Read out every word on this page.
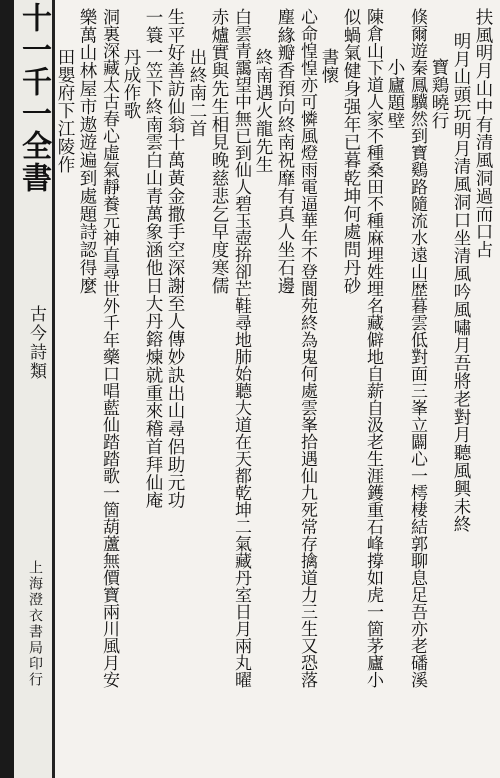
十一千一全書
古今詩類
上海澄衣書局印行
扶風明月山中有清風洞過而口占
明月山頭玩明月清風洞口坐清風吟風嘯月吾將老對月聽風興未終
寶鶏曉行
倏爾遊秦鳳驥然到寶鷄路隨流水遠山歴暮雲低對面三峯立闢心一樗棲結郭聊息足吾亦老磻溪
小廬題壁
陳倉山下道人家不種桑田不種麻埋姓埋名藏僻地自薪自汲老生涯鑊重石峰撐如虎一箇茅廬小
似蝸氣健身强年已暮乾坤何處問丹砂
書懷
心命惶惶亦可憐風燈雨電逼華年不登閬苑終為鬼何處雲峯拾遇仙九死常存擒道力三生又恐落
塵緣瓣香預向終南祝靡有真人坐石邊
終南遇火龍先生
白雲青靄望中無已到仙人碧玉壺拚卻芒鞋尋地肺始聽大道在天都乾坤二氣藏丹室日月兩丸曜
赤爐實與先生相見晚慈悲乞早度寒儒
出終南二首
生平好善訪仙翁十萬黃金撒手空深謝至人傳妙訣出山尋侶助元功
一簑一笠下終南雲白山青萬象涵他日大丹鎔煉就重來稽首拜仙庵
丹成作歌
洞裏深藏太古春心虛氣靜養元神直尋世外千年藥口唱藍仙踏踏歌一箇葫蘆無價寶兩川風月安
樂萬山林屋市遨遊遍到處題詩認得麼
田嬰府下江陵作
